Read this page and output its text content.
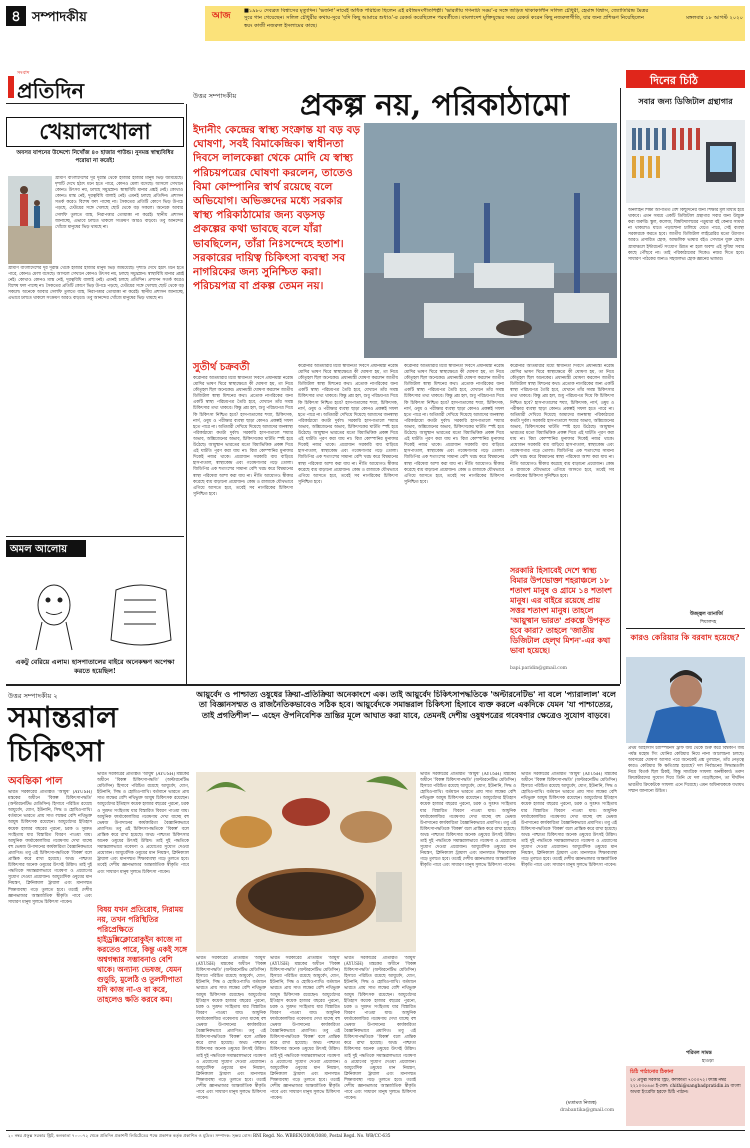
৪ সম্পাদকীয়	আজ	■১৯৮০ দেবব্রত বিশ্বাসের মৃত্যুদিন। 'ভর্জনা' নামেই অধিক পরিচিত ছিলেন এই রবীন্দ্রসংগীতশিল্পী। 'ভারতীয় গণনাট্য সঙ্ঘ'-র সঙ্গে জড়িত থাকাকালীন সলিল চৌধুরী, হেমাঙ্গ বিশ্বাস, জ্যোতিরিন্দ্র মৈত্রর সুরে গান গেয়েছেন। সলিল চৌধুরীর কথায়-সুরে 'যদি কিছু আমারে শুধাও'-র রেকর্ড করেছিলেন পরবর্তীতে। বাংলাদেশ মুক্তিযুদ্ধের সময় রেকর্ড করেন কিছু নজরুলগীতি, যার জন্য প্রশিক্ষণ নিয়েছিলেন স্বয়ং কাজী নজরুল ইসলামের কাছে।
মঙ্গলবার ১৮ আগস্ট ২০২০
সংবাদ
প্রতিদিন
খেয়ালখোলা
অবসর যাপনের উদ্দেশ্যে নিখোঁজ ৪০ হাজার পাউন্ড। নুনমন্ত্র স্বাস্থ্যবিধির পরোয়া না করেই!
গ্রামীণ বাংলাদেশের দূর দূরান্ত থেকে হাজার হাজার মানুষ ভিড় জমিয়েছে। দৃশ্যটি দেখে হঠাৎ মনে হতে পারে, কোনও মেলা বসেছে। আসলে সেখানে কোনও উৎসব নয়, চলছে সমুদ্রস্নান। স্বাস্থ্যবিধি মানার প্রশ্নই নেই। কোথাও কোনও মাস্ক নেই, দূরত্ববিধি বালাই নেই। এমনই চলছে প্রতিদিন। প্রশাসন সতর্ক করেও বিশেষ ফল পাচ্ছে না। সৈকতের প্রতিটি কোণে ভিড় উপচে পড়ছে, ঢেউয়ের সঙ্গে খেলছে ছোট থেকে বড় সকলে। অনেকে আবার সেলফি তুলতে ব্যস্ত, নিরাপত্তার তোয়াক্কা না করেই। স্থানীয় প্রশাসন জানাচ্ছে, এভাবে চলতে থাকলে সংক্রমণ আরও বাড়বে। তবু আনন্দের খোঁজে মানুষের ভিড় থামছে না।
গ্রামীণ বাংলাদেশের দূর দূরান্ত থেকে হাজার হাজার মানুষ ভিড় জমিয়েছে। দৃশ্যটি দেখে হঠাৎ মনে হতে পারে, কোনও মেলা বসেছে। আসলে সেখানে কোনও উৎসব নয়, চলছে সমুদ্রস্নান। স্বাস্থ্যবিধি মানার প্রশ্নই নেই। কোথাও কোনও মাস্ক নেই, দূরত্ববিধি বালাই নেই। এমনই চলছে প্রতিদিন। প্রশাসন সতর্ক করেও বিশেষ ফল পাচ্ছে না। সৈকতের প্রতিটি কোণে ভিড় উপচে পড়ছে, ঢেউয়ের সঙ্গে খেলছে ছোট থেকে বড় সকলে। অনেকে আবার সেলফি তুলতে ব্যস্ত, নিরাপত্তার তোয়াক্কা না করেই। স্থানীয় প্রশাসন জানাচ্ছে, এভাবে চলতে থাকলে সংক্রমণ আরও বাড়বে। তবু আনন্দের খোঁজে মানুষের ভিড় থামছে না।
অমল আলোয়
একটু বেরিয়ে এলাম। হাসপাতালের বাইরে অনেকক্ষণ অপেক্ষা করতে হয়েছিল!
উত্তর সম্পাদকীয় প্রকল্প নয়, পরিকাঠামো
ইদানীং কেন্দ্রের স্বাস্থ্য সংক্রান্ত যা বড় বড় ঘোষণা, সবই বিমাকেন্দ্রিক। স্বাধীনতা দিবসে লালকেল্লা থেকে মোদি যে স্বাস্থ্য পরিচয়পত্রের ঘোষণা করলেন, তাতেও বিমা কোম্পানির স্বার্থ রয়েছে বলে অভিযোগ। অভিজ্ঞদের মধ্যে সরকার স্বাস্থ্য পরিকাঠামোর জন্য বড়সড় প্রকল্পের কথা ভাবছে বলে যাঁরা ভাবছিলেন, তাঁরা নিঃসন্দেহে হতাশ। সরকারের দায়িত্ব চিকিৎসা ব্যবস্থা সব নাগরিকের জন্য সুনিশ্চিত করা। পরিচয়পত্র বা প্রকল্প তেমন নয়।
সুতীর্থ চক্রবর্তী
করোনার অতিমারীর মধ্যে স্বাধীনতা দিবসে প্রধানমন্ত্রী নরেন্দ্র মোদির ভাষণ ঘিরে স্বাস্থ্যক্ষেত্রে কী ঘোষণা হয়, তা নিয়ে কৌতূহল ছিল অনেকের। প্রধানমন্ত্রী ঘোষণা করলেন জাতীয় ডিজিটাল স্বাস্থ্য মিশনের কথা। প্রত্যেক নাগরিকের জন্য একটি স্বাস্থ্য পরিচয়পত্র তৈরি হবে, যেখানে তাঁর সমস্ত চিকিৎসার তথ্য থাকবে। কিন্তু প্রশ্ন হল, শুধু পরিচয়পত্র দিয়ে কি চিকিৎসা নিশ্চিত হবে? হাসপাতালের শয্যা, চিকিৎসক, নার্স, ওষুধ ও পরীক্ষার ব্যবস্থা ছাড়া কোনও প্রকল্পই সফল হতে পারে না। অতিমারী দেখিয়ে দিয়েছে আমাদের জনস্বাস্থ্য পরিকাঠামো কতটা দুর্বল। সরকারি হাসপাতালে শয্যার অভাব, অক্সিজেনের অভাব, চিকিৎসকের ঘাটতি স্পষ্ট হয়ে উঠেছে। আয়ুষ্মান ভারতের মতো বিমাভিত্তিক প্রকল্প দিয়ে এই ঘাটতি পূরণ করা যায় না। বিমা কোম্পানির মুনাফার দিকেই নজর থাকে। প্রয়োজন সরকারি ব্যয় বাড়িয়ে হাসপাতাল, স্বাস্থ্যকেন্দ্র এবং গবেষণাগার গড়ে তোলা। জিডিপির এক শতাংশের সামান্য বেশি খরচ করে বিশ্বমানের স্বাস্থ্য পরিষেবা আশা করা যায় না। নীতি আয়োগও স্বীকার করেছে ব্যয় বাড়ানো প্রয়োজন। কেন্দ্র ও রাজ্যকে যৌথভাবে এগিয়ে আসতে হবে, তবেই সব নাগরিকের চিকিৎসা সুনিশ্চিত হবে।
করোনার অতিমারীর মধ্যে স্বাধীনতা দিবসে প্রধানমন্ত্রী নরেন্দ্র মোদির ভাষণ ঘিরে স্বাস্থ্যক্ষেত্রে কী ঘোষণা হয়, তা নিয়ে কৌতূহল ছিল অনেকের। প্রধানমন্ত্রী ঘোষণা করলেন জাতীয় ডিজিটাল স্বাস্থ্য মিশনের কথা। প্রত্যেক নাগরিকের জন্য একটি স্বাস্থ্য পরিচয়পত্র তৈরি হবে, যেখানে তাঁর সমস্ত চিকিৎসার তথ্য থাকবে। কিন্তু প্রশ্ন হল, শুধু পরিচয়পত্র দিয়ে কি চিকিৎসা নিশ্চিত হবে? হাসপাতালের শয্যা, চিকিৎসক, নার্স, ওষুধ ও পরীক্ষার ব্যবস্থা ছাড়া কোনও প্রকল্পই সফল হতে পারে না। অতিমারী দেখিয়ে দিয়েছে আমাদের জনস্বাস্থ্য পরিকাঠামো কতটা দুর্বল। সরকারি হাসপাতালে শয্যার অভাব, অক্সিজেনের অভাব, চিকিৎসকের ঘাটতি স্পষ্ট হয়ে উঠেছে। আয়ুষ্মান ভারতের মতো বিমাভিত্তিক প্রকল্প দিয়ে এই ঘাটতি পূরণ করা যায় না। বিমা কোম্পানির মুনাফার দিকেই নজর থাকে। প্রয়োজন সরকারি ব্যয় বাড়িয়ে হাসপাতাল, স্বাস্থ্যকেন্দ্র এবং গবেষণাগার গড়ে তোলা। জিডিপির এক শতাংশের সামান্য বেশি খরচ করে বিশ্বমানের স্বাস্থ্য পরিষেবা আশা করা যায় না। নীতি আয়োগও স্বীকার করেছে ব্যয় বাড়ানো প্রয়োজন। কেন্দ্র ও রাজ্যকে যৌথভাবে এগিয়ে আসতে হবে, তবেই সব নাগরিকের চিকিৎসা সুনিশ্চিত হবে।
করোনার অতিমারীর মধ্যে স্বাধীনতা দিবসে প্রধানমন্ত্রী নরেন্দ্র মোদির ভাষণ ঘিরে স্বাস্থ্যক্ষেত্রে কী ঘোষণা হয়, তা নিয়ে কৌতূহল ছিল অনেকের। প্রধানমন্ত্রী ঘোষণা করলেন জাতীয় ডিজিটাল স্বাস্থ্য মিশনের কথা। প্রত্যেক নাগরিকের জন্য একটি স্বাস্থ্য পরিচয়পত্র তৈরি হবে, যেখানে তাঁর সমস্ত চিকিৎসার তথ্য থাকবে। কিন্তু প্রশ্ন হল, শুধু পরিচয়পত্র দিয়ে কি চিকিৎসা নিশ্চিত হবে? হাসপাতালের শয্যা, চিকিৎসক, নার্স, ওষুধ ও পরীক্ষার ব্যবস্থা ছাড়া কোনও প্রকল্পই সফল হতে পারে না। অতিমারী দেখিয়ে দিয়েছে আমাদের জনস্বাস্থ্য পরিকাঠামো কতটা দুর্বল। সরকারি হাসপাতালে শয্যার অভাব, অক্সিজেনের অভাব, চিকিৎসকের ঘাটতি স্পষ্ট হয়ে উঠেছে। আয়ুষ্মান ভারতের মতো বিমাভিত্তিক প্রকল্প দিয়ে এই ঘাটতি পূরণ করা যায় না। বিমা কোম্পানির মুনাফার দিকেই নজর থাকে। প্রয়োজন সরকারি ব্যয় বাড়িয়ে হাসপাতাল, স্বাস্থ্যকেন্দ্র এবং গবেষণাগার গড়ে তোলা। জিডিপির এক শতাংশের সামান্য বেশি খরচ করে বিশ্বমানের স্বাস্থ্য পরিষেবা আশা করা যায় না। নীতি আয়োগও স্বীকার করেছে ব্যয় বাড়ানো প্রয়োজন। কেন্দ্র ও রাজ্যকে যৌথভাবে এগিয়ে আসতে হবে, তবেই সব নাগরিকের চিকিৎসা সুনিশ্চিত হবে।
করোনার অতিমারীর মধ্যে স্বাধীনতা দিবসে প্রধানমন্ত্রী নরেন্দ্র মোদির ভাষণ ঘিরে স্বাস্থ্যক্ষেত্রে কী ঘোষণা হয়, তা নিয়ে কৌতূহল ছিল অনেকের। প্রধানমন্ত্রী ঘোষণা করলেন জাতীয় ডিজিটাল স্বাস্থ্য মিশনের কথা। প্রত্যেক নাগরিকের জন্য একটি স্বাস্থ্য পরিচয়পত্র তৈরি হবে, যেখানে তাঁর সমস্ত চিকিৎসার তথ্য থাকবে। কিন্তু প্রশ্ন হল, শুধু পরিচয়পত্র দিয়ে কি চিকিৎসা নিশ্চিত হবে? হাসপাতালের শয্যা, চিকিৎসক, নার্স, ওষুধ ও পরীক্ষার ব্যবস্থা ছাড়া কোনও প্রকল্পই সফল হতে পারে না। অতিমারী দেখিয়ে দিয়েছে আমাদের জনস্বাস্থ্য পরিকাঠামো কতটা দুর্বল। সরকারি হাসপাতালে শয্যার অভাব, অক্সিজেনের অভাব, চিকিৎসকের ঘাটতি স্পষ্ট হয়ে উঠেছে। আয়ুষ্মান ভারতের মতো বিমাভিত্তিক প্রকল্প দিয়ে এই ঘাটতি পূরণ করা যায় না। বিমা কোম্পানির মুনাফার দিকেই নজর থাকে। প্রয়োজন সরকারি ব্যয় বাড়িয়ে হাসপাতাল, স্বাস্থ্যকেন্দ্র এবং গবেষণাগার গড়ে তোলা। জিডিপির এক শতাংশের সামান্য বেশি খরচ করে বিশ্বমানের স্বাস্থ্য পরিষেবা আশা করা যায় না। নীতি আয়োগও স্বীকার করেছে ব্যয় বাড়ানো প্রয়োজন। কেন্দ্র ও রাজ্যকে যৌথভাবে এগিয়ে আসতে হবে, তবেই সব নাগরিকের চিকিৎসা সুনিশ্চিত হবে।
সরকারি হিসাবেই দেশে স্বাস্থ্য বিমার উপভোক্তা শহরাঞ্চলে ১৮ শতাংশ মানুষ ও গ্রামে ১৪ শতাংশ মানুষ। এর বাইরে রয়েছে প্রায় সত্তর শতাংশ মানুষ। তাহলে 'আয়ুষ্মান ভারত' প্রকল্পে উপকৃত হবে কারা? তাহলে 'জাতীয় ডিজিটাল হেল্থ মিশন'-এর কথা ভাবা হয়েছে।
bapi.paridin@gmail.com
দিনের চিঠি
সবার জন্য ডিজিটাল গ্রন্থাগার
অনলাইন শিক্ষা আপাতত বেশ কিছুদিনের জন্য শিক্ষার মূল মাধ্যম হয়ে থাকবে। এমন সময়ে একটি ডিজিটাল গ্রন্থাগার সবার জন্য উন্মুক্ত করা জরুরি। স্কুল, কলেজ, বিশ্ববিদ্যালয়ের পড়ুয়ারা বই কেনার সামর্থ্য না থাকলেও যাতে পড়াশোনা চালিয়ে যেতে পারে, সেই ব্যবস্থা সরকারকে করতে হবে। জাতীয় ডিজিটাল লাইব্রেরির মতো উদ্যোগ আরও প্রসারিত হোক, আঞ্চলিক ভাষার বইও সেখানে যুক্ত হোক। গ্রামাঞ্চলে ইন্টারনেট সংযোগ উন্নত না হলে অবশ্য এই সুবিধা সবার কাছে পৌঁছবে না। তাই পরিকাঠামোর দিকেও নজর দিতে হবে। সাধারণ পাঠকের জন্যও সহজলভ্য হোক জ্ঞানের ভান্ডার।
উজ্জ্বল ব্যানার্জি
শিয়ালদহ
কারও কেরিয়ার কি বরবাদ হয়েছে?
প্রথম আইসিসি চ্যাম্পিয়নস ট্রফি জয় থেকে শুরু করে বিশ্বকাপ জয় পর্যন্ত মহেন্দ্র সিং ধোনির কেরিয়ার নিয়ে নানা আলোচনা চলছে। অবসরের ঘোষণা আসার পরে অনেকেই প্রশ্ন তুলছেন, তাঁর নেতৃত্বে কারও কেরিয়ার কি ক্ষতিগ্রস্ত হয়েছে? দল নির্বাচনের সিদ্ধান্তগুলি নিয়ে বিতর্ক ছিল ঠিকই, কিন্তু সামগ্রিক সাফল্য অনস্বীকার্য। তরুণ ক্রিকেটারদের সুযোগ দিয়ে তিনি যে দল গড়েছিলেন, তা দীর্ঘদিন ভারতীয় ক্রিকেটকে সাফল্য এনে দিয়েছে। এমন অধিনায়ককে যথাযথ সম্মান জানানো উচিত।
পরিমল সামন্ত
হাওড়া
চিঠি পাঠানোর ঠিকানা
২০ প্রফুল্ল সরকার স্ট্রিট, কলকাতা ৭০০০৭২। ফ্যাক্স নম্বর ২২১০৩৫৪৬। ই-মেল: chithi@sangbadpratidin.in বাংলা অথবা ইংরেজি হরফে চিঠি পাঠান।
উত্তর সম্পাদকীয় ২
সমান্তরাল চিকিৎসা
আয়ুর্বেদ ও পাশ্চাত্য ওষুধের ক্রিয়া-প্রতিক্রিয়া অনেকাংশে এক। তাই আয়ুর্বেদ চিকিৎসাপদ্ধতিকে 'অল্টারনেটিভ' না বলে 'প্যারালাল' বলে তা বিজ্ঞানসম্মত ও রাজনৈতিকভাবেও সঠিক হবে। আয়ুর্বেদকে সমান্তরাল চিকিৎসা হিসাবে ব্যক্ত করলে একদিকে যেমন 'যা পাশ্চাত্যের, তাই প্রগতিশীল'— এহেন ঔপনিবেশিক ভ্রান্তির মূলে আঘাত করা যাবে, তেমনই দেশীয় ওষুধপত্রের গবেষণার ক্ষেত্রেও সুযোগ বাড়বে।
অবন্তিকা পাল
ভারত সরকারের প্রতিষ্ঠিত 'আয়ুষ' (AYUSH) মন্ত্রকের অধীনে 'বিকল্প চিকিৎসাপদ্ধতি' (অল্টারনেটিভ মেডিসিন) হিসাবে পরিচিত রয়েছে আয়ুর্বেদ, যোগ, ইউনানি, সিদ্ধ ও হোমিওপ্যাথি। বর্তমানে ভারতে প্রায় সাত লক্ষের বেশি নথিভুক্ত আয়ুষ চিকিৎসক রয়েছেন। আয়ুর্বেদের ইতিহাস কয়েক হাজার বছরের পুরনো, চরক ও সুশ্রুত সংহিতায় যার বিস্তারিত বিবরণ পাওয়া যায়। আধুনিক ফার্মাকোলজির গবেষণায় দেখা যাচ্ছে বহু ভেষজ উপাদানের কার্যকারিতা বৈজ্ঞানিকভাবে প্রমাণিত। তবু এই চিকিৎসাপদ্ধতিকে 'বিকল্প' বলে প্রান্তিক করে রাখা হয়েছে। অথচ পাশ্চাত্য চিকিৎসার অনেক ওষুধের উৎসই উদ্ভিদ। তাই দুই পদ্ধতিকে সমান্তরালভাবে গবেষণা ও প্রয়োগের সুযোগ দেওয়া প্রয়োজন। আয়ুর্বেদিক ওষুধের মান নিয়ন্ত্রণ, ক্লিনিক্যাল ট্রায়াল এবং মানসম্মত শিক্ষাব্যবস্থা গড়ে তুলতে হবে। তবেই দেশীয় জ্ঞানভান্ডার আন্তর্জাতিক স্বীকৃতি পাবে এবং সাধারণ মানুষ সুলভে চিকিৎসা পাবেন।
ভারত সরকারের প্রতিষ্ঠিত 'আয়ুষ' (AYUSH) মন্ত্রকের অধীনে 'বিকল্প চিকিৎসাপদ্ধতি' (অল্টারনেটিভ মেডিসিন) হিসাবে পরিচিত রয়েছে আয়ুর্বেদ, যোগ, ইউনানি, সিদ্ধ ও হোমিওপ্যাথি। বর্তমানে ভারতে প্রায় সাত লক্ষের বেশি নথিভুক্ত আয়ুষ চিকিৎসক রয়েছেন। আয়ুর্বেদের ইতিহাস কয়েক হাজার বছরের পুরনো, চরক ও সুশ্রুত সংহিতায় যার বিস্তারিত বিবরণ পাওয়া যায়। আধুনিক ফার্মাকোলজির গবেষণায় দেখা যাচ্ছে বহু ভেষজ উপাদানের কার্যকারিতা বৈজ্ঞানিকভাবে প্রমাণিত। তবু এই চিকিৎসাপদ্ধতিকে 'বিকল্প' বলে প্রান্তিক করে রাখা হয়েছে। অথচ পাশ্চাত্য চিকিৎসার অনেক ওষুধের উৎসই উদ্ভিদ। তাই দুই পদ্ধতিকে সমান্তরালভাবে গবেষণা ও প্রয়োগের সুযোগ দেওয়া প্রয়োজন। আয়ুর্বেদিক ওষুধের মান নিয়ন্ত্রণ, ক্লিনিক্যাল ট্রায়াল এবং মানসম্মত শিক্ষাব্যবস্থা গড়ে তুলতে হবে। তবেই দেশীয় জ্ঞানভান্ডার আন্তর্জাতিক স্বীকৃতি পাবে এবং সাধারণ মানুষ সুলভে চিকিৎসা পাবেন।
বিষয় যখন প্রতিরোধ, নিরাময় নয়, তখন পরিস্থিতির পরিপ্রেক্ষিতে হাইড্রক্সিক্লোরোকুইন কাজে না করতেও পারে, কিন্তু একই সঙ্গে অশ্বগন্ধার সম্ভাবনাও বেশি থাকে। অন্যান্য ভেষজ, যেমন গুড়ুচি, মুলেঠি ও তুলসীপাতা যদি কাজ না-ও বা করে, তাহলেও ক্ষতি করবে কম।
ভারত সরকারের প্রতিষ্ঠিত 'আয়ুষ' (AYUSH) মন্ত্রকের অধীনে 'বিকল্প চিকিৎসাপদ্ধতি' (অল্টারনেটিভ মেডিসিন) হিসাবে পরিচিত রয়েছে আয়ুর্বেদ, যোগ, ইউনানি, সিদ্ধ ও হোমিওপ্যাথি। বর্তমানে ভারতে প্রায় সাত লক্ষের বেশি নথিভুক্ত আয়ুষ চিকিৎসক রয়েছেন। আয়ুর্বেদের ইতিহাস কয়েক হাজার বছরের পুরনো, চরক ও সুশ্রুত সংহিতায় যার বিস্তারিত বিবরণ পাওয়া যায়। আধুনিক ফার্মাকোলজির গবেষণায় দেখা যাচ্ছে বহু ভেষজ উপাদানের কার্যকারিতা বৈজ্ঞানিকভাবে প্রমাণিত। তবু এই চিকিৎসাপদ্ধতিকে 'বিকল্প' বলে প্রান্তিক করে রাখা হয়েছে। অথচ পাশ্চাত্য চিকিৎসার অনেক ওষুধের উৎসই উদ্ভিদ। তাই দুই পদ্ধতিকে সমান্তরালভাবে গবেষণা ও প্রয়োগের সুযোগ দেওয়া প্রয়োজন। আয়ুর্বেদিক ওষুধের মান নিয়ন্ত্রণ, ক্লিনিক্যাল ট্রায়াল এবং মানসম্মত শিক্ষাব্যবস্থা গড়ে তুলতে হবে। তবেই দেশীয় জ্ঞানভান্ডার আন্তর্জাতিক স্বীকৃতি পাবে এবং সাধারণ মানুষ সুলভে চিকিৎসা পাবেন।
ভারত সরকারের প্রতিষ্ঠিত 'আয়ুষ' (AYUSH) মন্ত্রকের অধীনে 'বিকল্প চিকিৎসাপদ্ধতি' (অল্টারনেটিভ মেডিসিন) হিসাবে পরিচিত রয়েছে আয়ুর্বেদ, যোগ, ইউনানি, সিদ্ধ ও হোমিওপ্যাথি। বর্তমানে ভারতে প্রায় সাত লক্ষের বেশি নথিভুক্ত আয়ুষ চিকিৎসক রয়েছেন। আয়ুর্বেদের ইতিহাস কয়েক হাজার বছরের পুরনো, চরক ও সুশ্রুত সংহিতায় যার বিস্তারিত বিবরণ পাওয়া যায়। আধুনিক ফার্মাকোলজির গবেষণায় দেখা যাচ্ছে বহু ভেষজ উপাদানের কার্যকারিতা বৈজ্ঞানিকভাবে প্রমাণিত। তবু এই চিকিৎসাপদ্ধতিকে 'বিকল্প' বলে প্রান্তিক করে রাখা হয়েছে। অথচ পাশ্চাত্য চিকিৎসার অনেক ওষুধের উৎসই উদ্ভিদ। তাই দুই পদ্ধতিকে সমান্তরালভাবে গবেষণা ও প্রয়োগের সুযোগ দেওয়া প্রয়োজন। আয়ুর্বেদিক ওষুধের মান নিয়ন্ত্রণ, ক্লিনিক্যাল ট্রায়াল এবং মানসম্মত শিক্ষাব্যবস্থা গড়ে তুলতে হবে। তবেই দেশীয় জ্ঞানভান্ডার আন্তর্জাতিক স্বীকৃতি পাবে এবং সাধারণ মানুষ সুলভে চিকিৎসা পাবেন।
ভারত সরকারের প্রতিষ্ঠিত 'আয়ুষ' (AYUSH) মন্ত্রকের অধীনে 'বিকল্প চিকিৎসাপদ্ধতি' (অল্টারনেটিভ মেডিসিন) হিসাবে পরিচিত রয়েছে আয়ুর্বেদ, যোগ, ইউনানি, সিদ্ধ ও হোমিওপ্যাথি। বর্তমানে ভারতে প্রায় সাত লক্ষের বেশি নথিভুক্ত আয়ুষ চিকিৎসক রয়েছেন। আয়ুর্বেদের ইতিহাস কয়েক হাজার বছরের পুরনো, চরক ও সুশ্রুত সংহিতায় যার বিস্তারিত বিবরণ পাওয়া যায়। আধুনিক ফার্মাকোলজির গবেষণায় দেখা যাচ্ছে বহু ভেষজ উপাদানের কার্যকারিতা বৈজ্ঞানিকভাবে প্রমাণিত। তবু এই চিকিৎসাপদ্ধতিকে 'বিকল্প' বলে প্রান্তিক করে রাখা হয়েছে। অথচ পাশ্চাত্য চিকিৎসার অনেক ওষুধের উৎসই উদ্ভিদ। তাই দুই পদ্ধতিকে সমান্তরালভাবে গবেষণা ও প্রয়োগের সুযোগ দেওয়া প্রয়োজন। আয়ুর্বেদিক ওষুধের মান নিয়ন্ত্রণ, ক্লিনিক্যাল ট্রায়াল এবং মানসম্মত শিক্ষাব্যবস্থা গড়ে তুলতে হবে। তবেই দেশীয় জ্ঞানভান্ডার আন্তর্জাতিক স্বীকৃতি পাবে এবং সাধারণ মানুষ সুলভে চিকিৎসা পাবেন।
ভারত সরকারের প্রতিষ্ঠিত 'আয়ুষ' (AYUSH) মন্ত্রকের অধীনে 'বিকল্প চিকিৎসাপদ্ধতি' (অল্টারনেটিভ মেডিসিন) হিসাবে পরিচিত রয়েছে আয়ুর্বেদ, যোগ, ইউনানি, সিদ্ধ ও হোমিওপ্যাথি। বর্তমানে ভারতে প্রায় সাত লক্ষের বেশি নথিভুক্ত আয়ুষ চিকিৎসক রয়েছেন। আয়ুর্বেদের ইতিহাস কয়েক হাজার বছরের পুরনো, চরক ও সুশ্রুত সংহিতায় যার বিস্তারিত বিবরণ পাওয়া যায়। আধুনিক ফার্মাকোলজির গবেষণায় দেখা যাচ্ছে বহু ভেষজ উপাদানের কার্যকারিতা বৈজ্ঞানিকভাবে প্রমাণিত। তবু এই চিকিৎসাপদ্ধতিকে 'বিকল্প' বলে প্রান্তিক করে রাখা হয়েছে। অথচ পাশ্চাত্য চিকিৎসার অনেক ওষুধের উৎসই উদ্ভিদ। তাই দুই পদ্ধতিকে সমান্তরালভাবে গবেষণা ও প্রয়োগের সুযোগ দেওয়া প্রয়োজন। আয়ুর্বেদিক ওষুধের মান নিয়ন্ত্রণ, ক্লিনিক্যাল ট্রায়াল এবং মানসম্মত শিক্ষাব্যবস্থা গড়ে তুলতে হবে। তবেই দেশীয় জ্ঞানভান্ডার আন্তর্জাতিক স্বীকৃতি পাবে এবং সাধারণ মানুষ সুলভে চিকিৎসা পাবেন।
ভারত সরকারের প্রতিষ্ঠিত 'আয়ুষ' (AYUSH) মন্ত্রকের অধীনে 'বিকল্প চিকিৎসাপদ্ধতি' (অল্টারনেটিভ মেডিসিন) হিসাবে পরিচিত রয়েছে আয়ুর্বেদ, যোগ, ইউনানি, সিদ্ধ ও হোমিওপ্যাথি। বর্তমানে ভারতে প্রায় সাত লক্ষের বেশি নথিভুক্ত আয়ুষ চিকিৎসক রয়েছেন। আয়ুর্বেদের ইতিহাস কয়েক হাজার বছরের পুরনো, চরক ও সুশ্রুত সংহিতায় যার বিস্তারিত বিবরণ পাওয়া যায়। আধুনিক ফার্মাকোলজির গবেষণায় দেখা যাচ্ছে বহু ভেষজ উপাদানের কার্যকারিতা বৈজ্ঞানিকভাবে প্রমাণিত। তবু এই চিকিৎসাপদ্ধতিকে 'বিকল্প' বলে প্রান্তিক করে রাখা হয়েছে। অথচ পাশ্চাত্য চিকিৎসার অনেক ওষুধের উৎসই উদ্ভিদ। তাই দুই পদ্ধতিকে সমান্তরালভাবে গবেষণা ও প্রয়োগের সুযোগ দেওয়া প্রয়োজন। আয়ুর্বেদিক ওষুধের মান নিয়ন্ত্রণ, ক্লিনিক্যাল ট্রায়াল এবং মানসম্মত শিক্ষাব্যবস্থা গড়ে তুলতে হবে। তবেই দেশীয় জ্ঞানভান্ডার আন্তর্জাতিক স্বীকৃতি পাবে এবং সাধারণ মানুষ সুলভে চিকিৎসা পাবেন।
(মতামত নিজস্ব)
drabantika@gmail.com
২০ নম্বর প্রফুল্ল সরকার স্ট্রিট, কলকাতা ৭০০০৭২ থেকে প্রতিদিন প্রকাশনী লিমিটেডের পক্ষে প্রকাশক কর্তৃক প্রকাশিত ও মুদ্রিত। সম্পাদক: সৃঞ্জয় বোস। RNI Regd. No. WBBEN/2000/3080, Postal Regd. No. WB/CC-635
